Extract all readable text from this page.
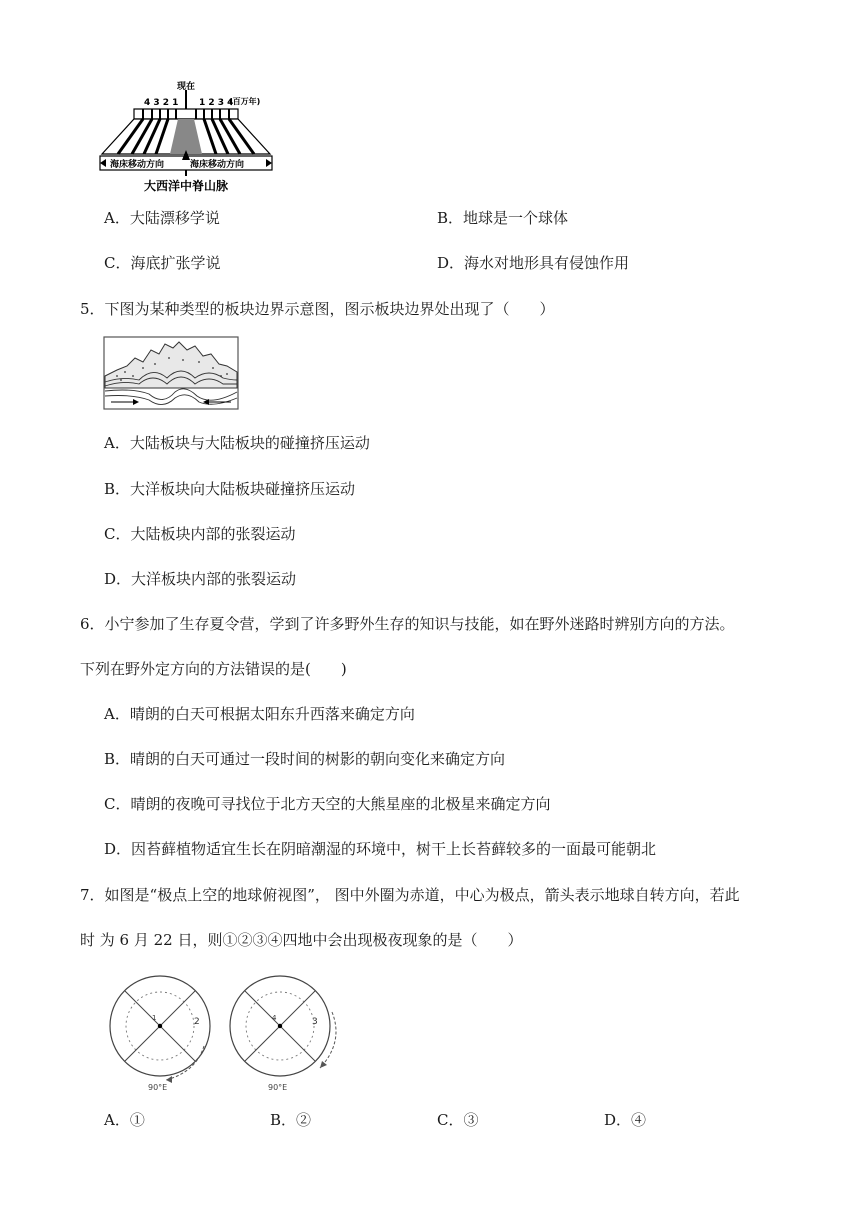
现在
4 3 2 1 1 2 3 4
(百万年)
海床移动方向	海床移动方向
大西洋中脊山脉
A．大陆漂移学说	B．地球是一个球体
C．海底扩张学说	D．海水对地形具有侵蚀作用
5．下图为某种类型的板块边界示意图，图示板块边界处出现了（　　）
A．大陆板块与大陆板块的碰撞挤压运动
B．大洋板块向大陆板块碰撞挤压运动
C．大陆板块内部的张裂运动
D．大洋板块内部的张裂运动
6．小宁参加了生存夏令营，学到了许多野外生存的知识与技能，如在野外迷路时辨别方向的方法。
下列在野外定方向的方法错误的是(　　)
A．晴朗的白天可根据太阳东升西落来确定方向
B．晴朗的白天可通过一段时间的树影的朝向变化来确定方向
C．晴朗的夜晚可寻找位于北方天空的大熊星座的北极星来确定方向
D．因苔藓植物适宜生长在阴暗潮湿的环境中，树干上长苔藓较多的一面最可能朝北
7．如图是“极点上空的地球俯视图”， 图中外圈为赤道，中心为极点，箭头表示地球自转方向，若此
时 为 6 月 22 日，则①②③④四地中会出现极夜现象的是（　　）
2
1
90°E
3
4
90°E
A．①	B．②	C．③	D．④
